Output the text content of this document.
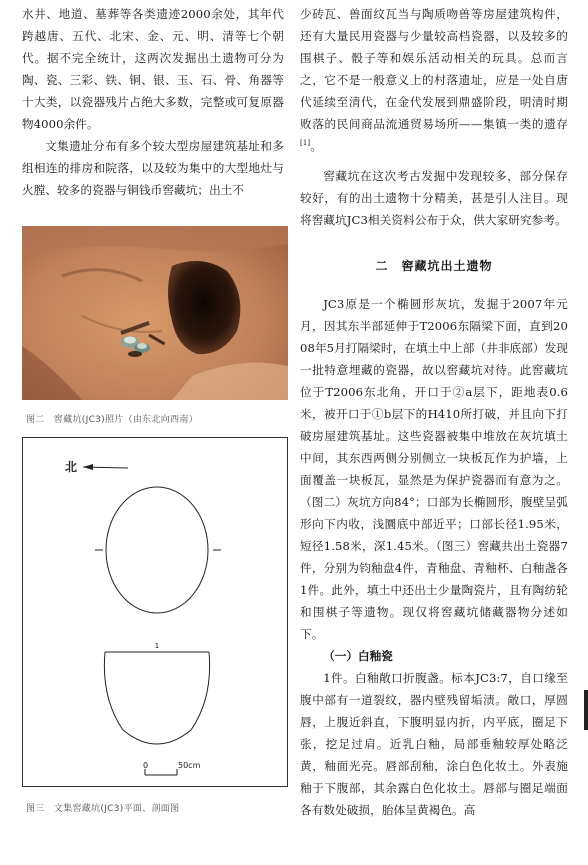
水井、地道、墓葬等各类遗迹2000余处，其年代跨越唐、五代、北宋、金、元、明、清等七个朝代。据不完全统计，这两次发掘出土遗物可分为陶、瓷、三彩、铁、铜、银、玉、石、骨、角器等十大类，以瓷器残片占绝大多数，完整或可复原器物4000余件。

文集遗址分布有多个较大型房屋建筑基址和多组相连的排房和院落，以及较为集中的大型地灶与火膛、较多的瓷器与铜钱币窖藏坑；出土不

图二　窖藏坑(JC3)照片（由东北向西南）
北
1
0	50cm
图三　文集窖藏坑(JC3)平面、剖面图

少砖瓦、兽面纹瓦当与陶质吻兽等房屋建筑构件，还有大量民用瓷器与少量较高档瓷器，以及较多的围棋子、骰子等和娱乐活动相关的玩具。总而言之，它不是一般意义上的村落遗址，应是一处自唐代延续至清代，在金代发展到鼎盛阶段，明清时期败落的民间商品流通贸易场所——集镇一类的遗存[1]。

窖藏坑在这次考古发掘中发现较多，部分保存较好，有的出土遗物十分精美，甚是引人注目。现将窖藏坑JC3相关资料公布于众，供大家研究参考。

二　窖藏坑出土遗物

JC3原是一个椭圆形灰坑，发掘于2007年元月，因其东半部延伸于T2006东隔梁下面，直到2008年5月打隔梁时，在填土中上部（井非底部）发现一批特意埋藏的瓷器，故以窖藏坑对待。此窖藏坑位于T2006东北角，开口于②a层下，距地表0.6米，被开口于①b层下的H410所打破，并且向下打破房屋建筑基址。这些瓷器被集中堆放在灰坑填土中间，其东西两侧分别侧立一块板瓦作为护墙，上面覆盖一块板瓦，显然是为保护瓷器而有意为之。（图二）灰坑方向84°；口部为长椭圆形，腹壁呈弧形向下内收，浅圜底中部近平；口部长径1.95米，短径1.58米，深1.45米。（图三）窖藏共出土瓷器7件，分别为钧釉盘4件，青釉盘、青釉杯、白釉盏各1件。此外，填土中还出土少量陶瓷片，且有陶纺轮和围棋子等遗物。现仅将窖藏坑储藏器物分述如下。

（一）白釉瓷

1件。白釉敞口折腹盏。标本JC3:7，自口缘至腹中部有一道裂纹，器内壁残留垢渍。敞口，厚圆唇，上腹近斜直，下腹明显内折，内平底，圈足下张，挖足过肩。近乳白釉，局部垂釉较厚处略泛黄，釉面光亮。唇部刮釉，涂白色化妆土。外表施釉于下腹部，其余露白色化妆土。唇部与圈足端面各有数处破损，胎体呈黄褐色。高
